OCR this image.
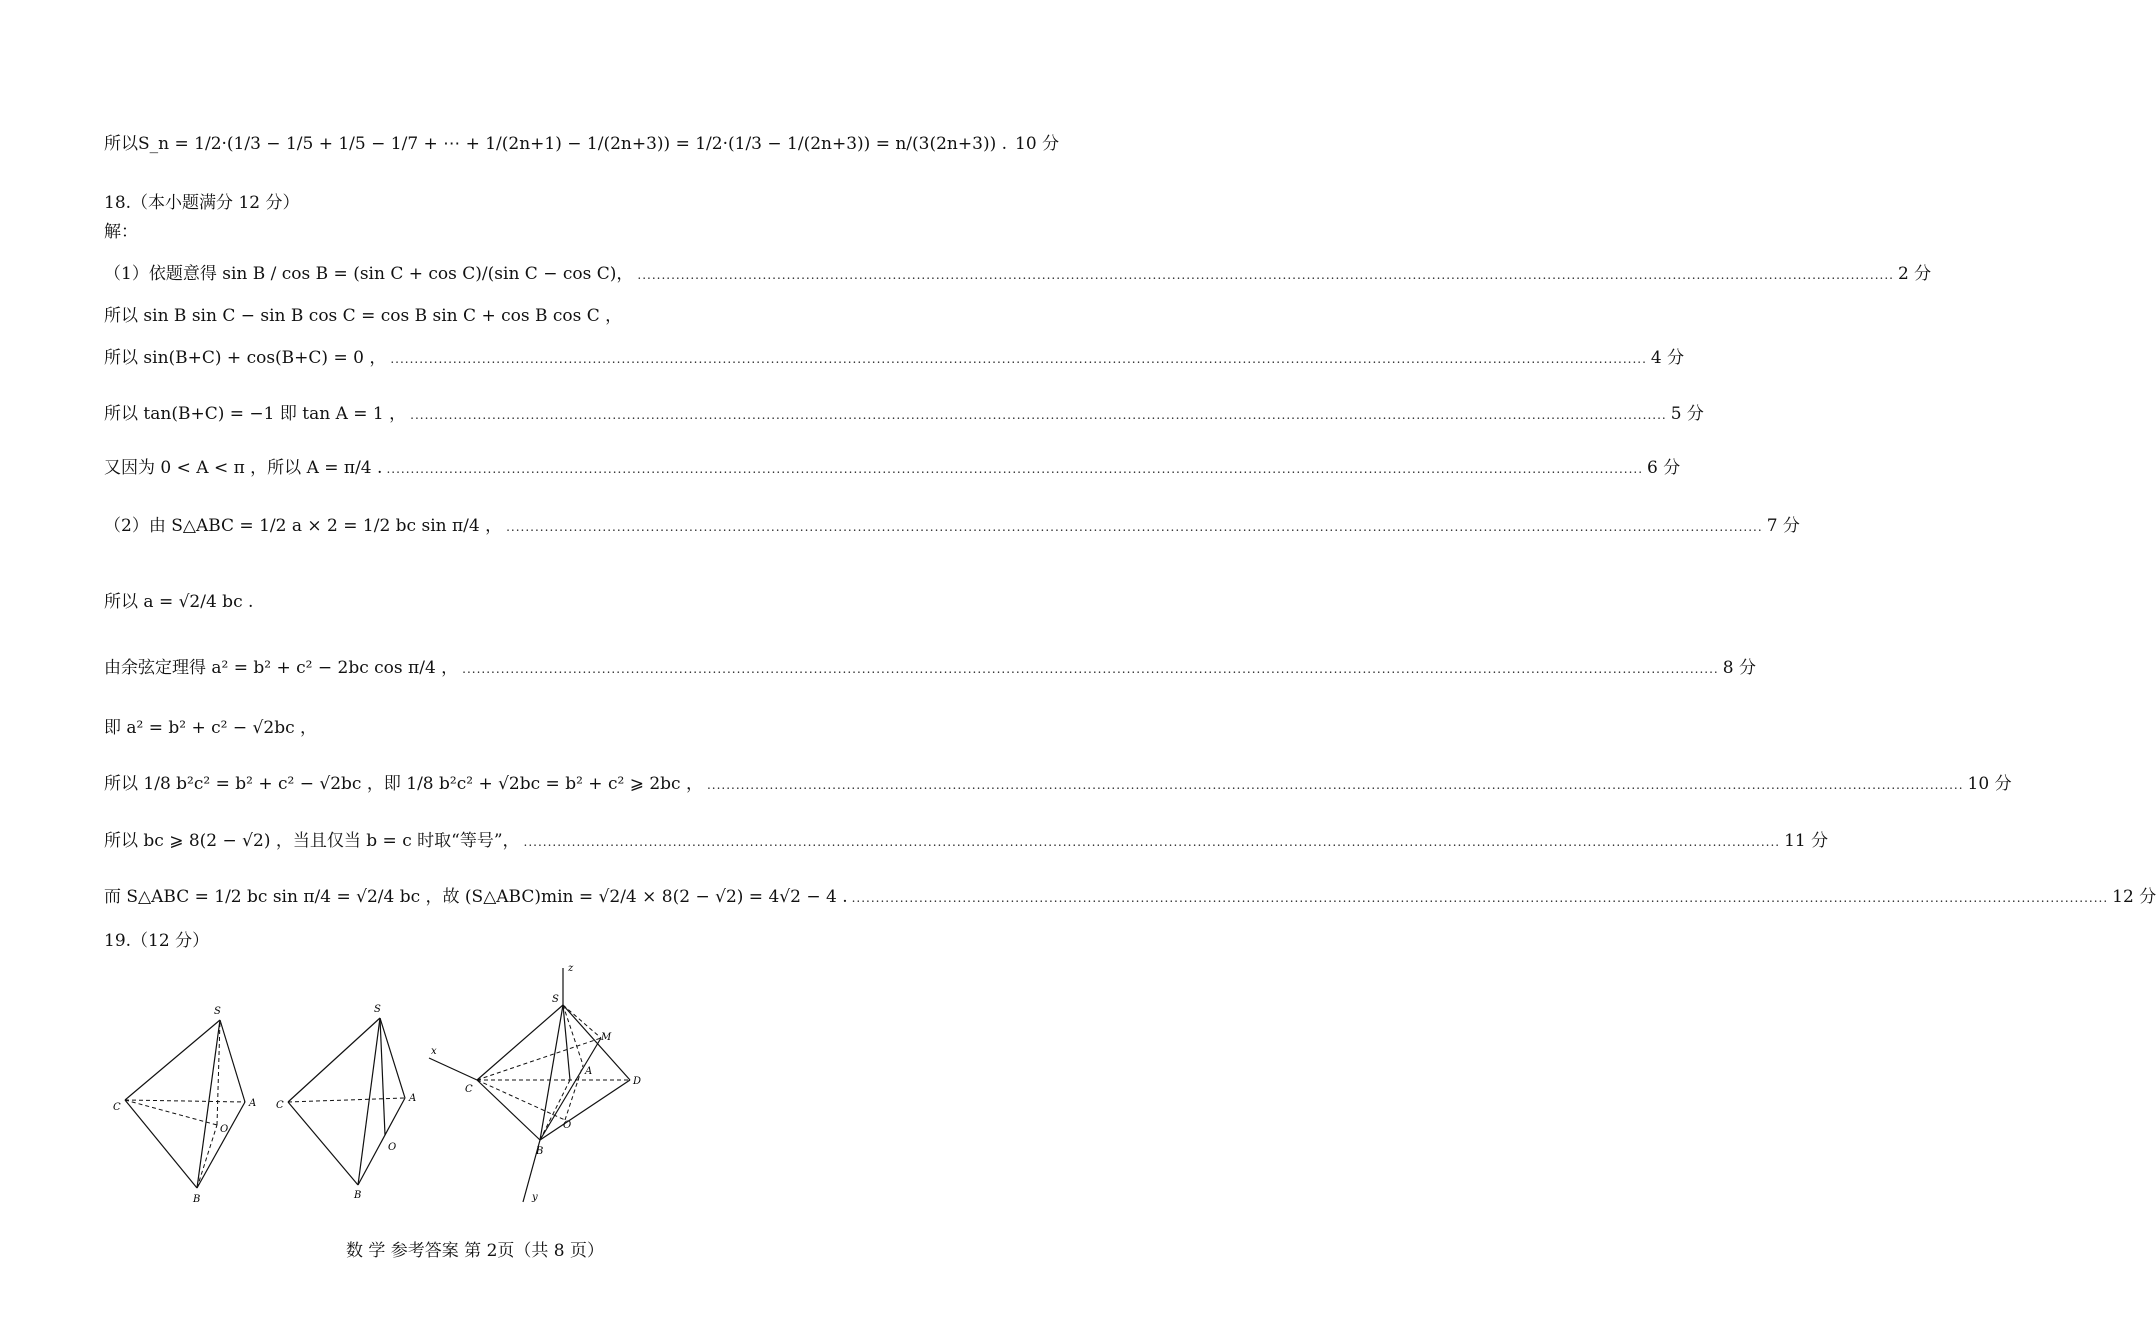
所以S_n = 1/2·(1/3 − 1/5 + 1/5 − 1/7 + ⋯ + 1/(2n+1) − 1/(2n+3)) = 1/2·(1/3 − 1/(2n+3)) = n/(3(2n+3)) . 10 分
18.（本小题满分 12 分）
解：
（1）依题意得 sin B / cos B = (sin C + cos C)/(sin C − cos C)， .....	2 分
所以 sin B sin C − sin B cos C = cos B sin C + cos B cos C ，
所以 sin(B+C) + cos(B+C) = 0 ， .....	4 分
所以 tan(B+C) = −1 即 tan A = 1 ， .....	5 分
又因为 0 < A < π ，所以 A = π/4 . .....	6 分
（2）由 S△ABC = 1/2 a × 2 = 1/2 bc sin π/4 ， .....	7 分
所以 a = √2/4 bc .
由余弦定理得 a² = b² + c² − 2bc cos π/4 ， .....	8 分
即 a² = b² + c² − √2bc ，
所以 1/8 b²c² = b² + c² − √2bc ，即 1/8 b²c² + √2bc = b² + c² ⩾ 2bc ， .....	10 分
所以 bc ⩾ 8(2 − √2) ，当且仅当 b = c 时取“等号”， .....	11 分
而 S△ABC = 1/2 bc sin π/4 = √2/4 bc ，故 (S△ABC)min = √2/4 × 8(2 − √2) = 4√2 − 4 . .....	12 分
19.（12 分）
S
C	A
O
B
S
C
A
O
B
z
S
M
x
C
A
D
O
B
y
数 学 参考答案 第 2页（共 8 页）
